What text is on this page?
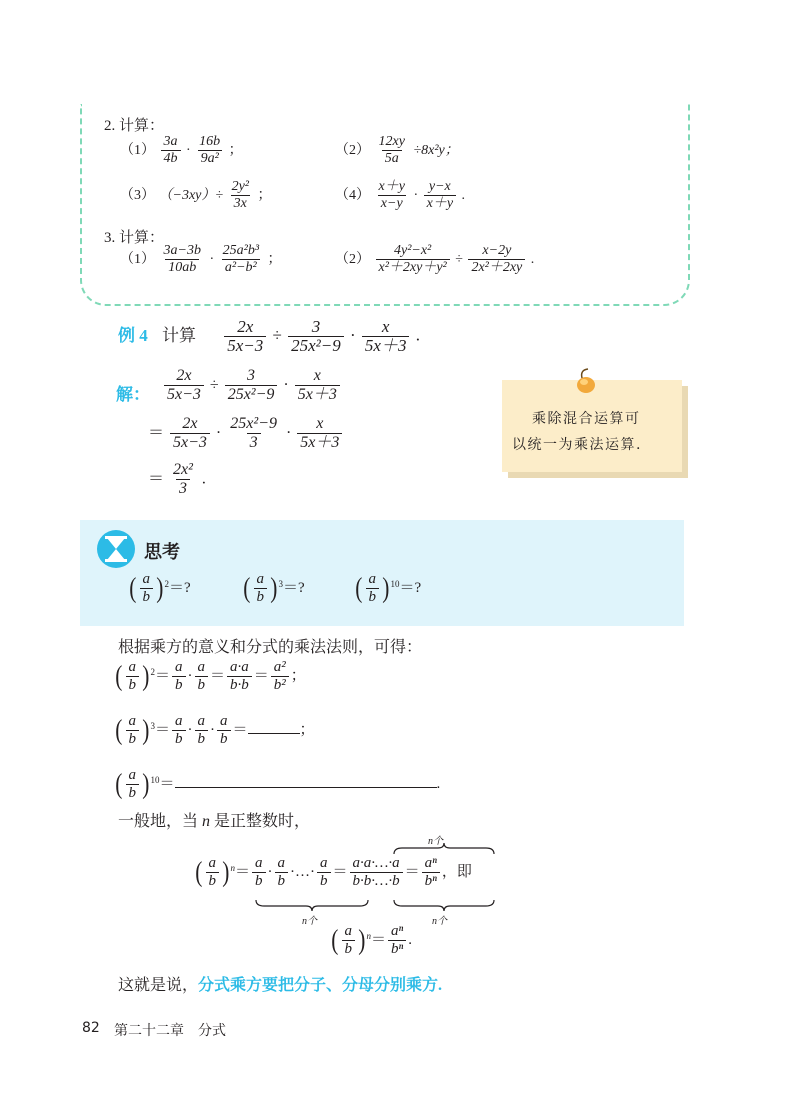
2. 计算：
$(1) \frac{3a}{4b} \cdot \frac{16b}{\text{9a²}}$ ；	$(2) \frac{12xy}{5a} \div 8x^2y$；
（3） $(-3xy)\div \frac{\text{2y²}}{3x}$ ；	$(4) \frac{x+y}{x-y} \cdot \frac{y-x}{x+y}$ .
3. 计算：
$(1) \frac{3a-3b}{10ab} \cdot \frac{\text{25a²b³}}{\text{a²−b²}}$ ；	$(2) \frac{\text{4y²−x²}}{\text{x²＋2xy＋y²}} \div \frac{x-2y}{\text{2x²＋2xy}}$ .
例 4 计算 $\frac{2x}{5x-3} \div \frac{3}{\text{25x²−9}} \cdot \frac{x}{5x+3}$ .
解： $\frac{2x}{5x-3} \div \frac{3}{\text{25x²−9}} \cdot \frac{x}{5x+3}$
＝ $\frac{2x}{5x-3} \cdot \frac{\text{25x²−9}}{3} \cdot \frac{x}{5x+3}$
＝ $\frac{\text{2x²}}{3}$ .
乘除混合运算可
以统一为乘法运算.
思考
( $\frac{a}{b} )^2=$? ( $\frac{a}{b} )^3=$? ( $\frac{a}{b} )^{10}=$?
根据乘方的意义和分式的乘法法则，可得：
( $\frac{a}{b} )^2= \frac{a}{b} \cdot \frac{a}{b} = \frac{a\cdot a}{b\cdot b} = \frac{\text{a²}}{\text{b²}}$ ；
( $\frac{a}{b} )^3= \frac{a}{b} \cdot \frac{a}{b} \cdot \frac{a}{b}$ ＝	；
( $\frac{a}{b} )^{10}=$	.
一般地，当 n 是正整数时，
n个
( $\frac{a}{b} )^n= \frac{a}{b} \cdot \frac{a}{b}$ ·…· $\frac{a}{b} = \frac{a\cdot a\cdot\dots\cdot a}{b\cdot b\cdot\dots\cdot b} = \frac{\text{aⁿ}}{\text{bⁿ}}$ ，即
n个	n个
( $\frac{a}{b} )^n= \frac{\text{aⁿ}}{\text{bⁿ}}$ .
这就是说，分式乘方要把分子、分母分别乘方.
82 第二十二章　分式
